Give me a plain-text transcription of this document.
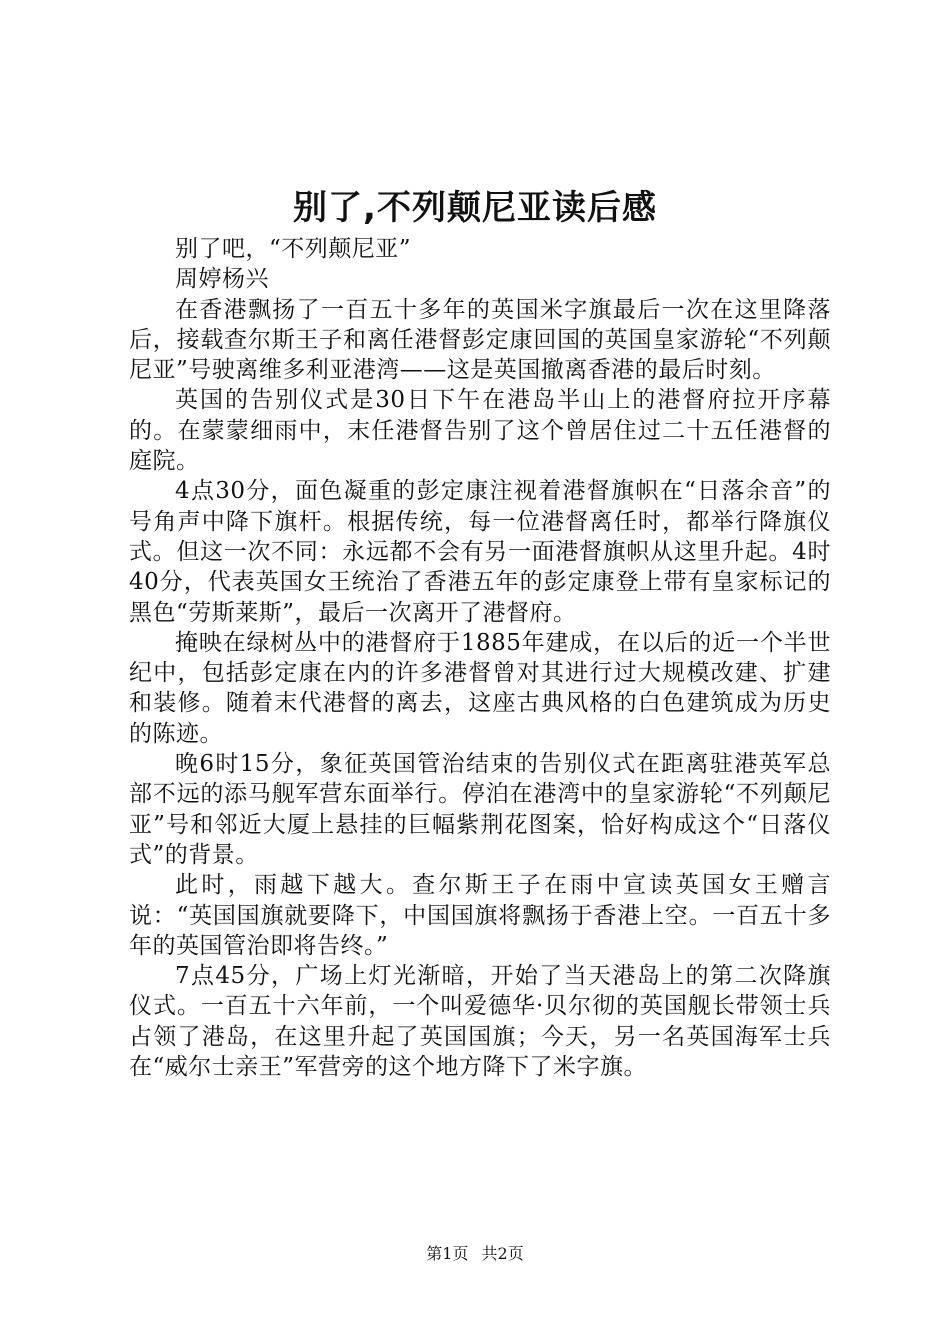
别了,不列颠尼亚读后感

别了吧，“不列颠尼亚”

周婷杨兴

在香港飘扬了一百五十多年的英国米字旗最后一次在这里降落后，接载查尔斯王子和离任港督彭定康回国的英国皇家游轮“不列颠尼亚”号驶离维多利亚港湾——这是英国撤离香港的最后时刻。

英国的告别仪式是30日下午在港岛半山上的港督府拉开序幕的。在蒙蒙细雨中，末任港督告别了这个曾居住过二十五任港督的庭院。

4点30分，面色凝重的彭定康注视着港督旗帜在“日落余音”的号角声中降下旗杆。根据传统，每一位港督离任时，都举行降旗仪式。但这一次不同：永远都不会有另一面港督旗帜从这里升起。4时40分，代表英国女王统治了香港五年的彭定康登上带有皇家标记的黑色“劳斯莱斯”，最后一次离开了港督府。

掩映在绿树丛中的港督府于1885年建成，在以后的近一个半世纪中，包括彭定康在内的许多港督曾对其进行过大规模改建、扩建和装修。随着末代港督的离去，这座古典风格的白色建筑成为历史的陈迹。

晚6时15分，象征英国管治结束的告别仪式在距离驻港英军总部不远的添马舰军营东面举行。停泊在港湾中的皇家游轮“不列颠尼亚”号和邻近大厦上悬挂的巨幅紫荆花图案，恰好构成这个“日落仪式”的背景。

此时，雨越下越大。查尔斯王子在雨中宣读英国女王赠言说：“英国国旗就要降下，中国国旗将飘扬于香港上空。一百五十多年的英国管治即将告终。”

7点45分，广场上灯光渐暗，开始了当天港岛上的第二次降旗仪式。一百五十六年前，一个叫爱德华·贝尔彻的英国舰长带领士兵占领了港岛，在这里升起了英国国旗；今天，另一名英国海军士兵在“威尔士亲王”军营旁的这个地方降下了米字旗。

第1页 共2页
